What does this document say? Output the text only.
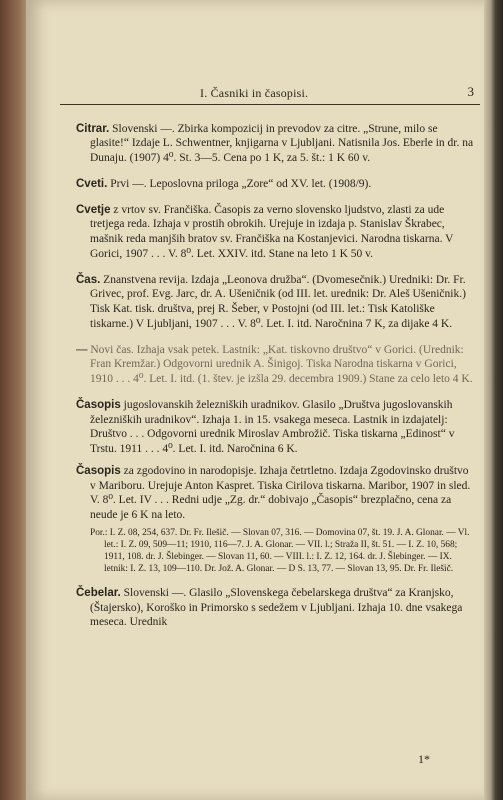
I. Časniki in časopisi.	3

Citrar. Slovenski —. Zbirka kompozicij in prevodov za citre. „Strune, milo se glasite!“ Izdaje L. Schwentner, knjigarna v Ljubljani. Natisnila Jos. Eberle in dr. na Dunaju. (1907) 4⁰. St. 3—5. Cena po 1 K, za 5. št.: 1 K 60 v.

Cveti. Prvi —. Leposlovna priloga „Zore“ od XV. let. (1908/9).

Cvetje z vrtov sv. Frančiška. Časopis za verno slovensko ljudstvo, zlasti za ude tretjega reda. Izhaja v prostih obrokih. Urejuje in izdaja p. Stanislav Škrabec, mašnik reda manjših bratov sv. Frančiška na Kostanjevici. Narodna tiskarna. V Gorici, 1907 . . . V. 8⁰. Let. XXIV. itd. Stane na leto 1 K 50 v.

Čas. Znanstvena revija. Izdaja „Leonova družba“. (Dvomesečnik.) Uredniki: Dr. Fr. Grivec, prof. Evg. Jarc, dr. A. Ušeničnik (od III. let. urednik: Dr. Aleš Ušeničnik.) Tisk Kat. tisk. društva, prej R. Šeber, v Postojni (od III. let.: Tisk Katoliške tiskarne.) V Ljubljani, 1907 . . . V. 8⁰. Let. I. itd. Naročnina 7 K, za dijake 4 K.

— Novi čas. Izhaja vsak petek. Lastnik: „Kat. tiskovno društvo“ v Gorici. (Urednik: Fran Kremžar.) Odgovorni urednik A. Šinigoj. Tiska Narodna tiskarna v Gorici, 1910 . . . 4⁰. Let. I. itd. (1. štev. je izšla 29. decembra 1909.) Stane za celo leto 4 K.

Časopis jugoslovanskih železniških uradnikov. Glasilo „Društva jugoslovanskih železniških uradnikov“. Izhaja 1. in 15. vsakega meseca. Lastnik in izdajatelj: Društvo . . . Odgovorni urednik Miroslav Ambrožič. Tiska tiskarna „Edinost“ v Trstu. 1911 . . . 4⁰. Let. I. itd. Naročnina 6 K.

Časopis za zgodovino in narodopisje. Izhaja četrtletno. Izdaja Zgodovinsko društvo v Mariboru. Urejuje Anton Kaspret. Tiska Cirilova tiskarna. Maribor, 1907 in sled. V. 8⁰. Let. IV . . . Redni udje „Zg. dr.“ dobivajo „Časopis“ brezplačno, cena za neude je 6 K na leto.
Por.: I. Z. 08, 254, 637. Dr. Fr. Ilešič. — Slovan 07, 316. — Domovina 07, št. 19. J. A. Glonar. — Vl. let.: I. Z. 09, 509—11; 1910, 116—7. J. A. Glonar. — VII. l.; Straža II, št. 51. — I. Z. 10, 568; 1911, 108. dr. J. Šlebinger. — Slovan 11, 60. — VIII. l.: I. Z. 12, 164. dr. J. Šlebinger. — IX. letnik: I. Z. 13, 109—110. Dr. Jož. A. Glonar. — D S. 13, 77. — Slovan 13, 95. Dr. Fr. Ilešič.

Čebelar. Slovenski —. Glasilo „Slovenskega čebelarskega društva“ za Kranjsko, (Štajersko), Koroško in Primorsko s sedežem v Ljubljani. Izhaja 10. dne vsakega meseca. Urednik

1*
